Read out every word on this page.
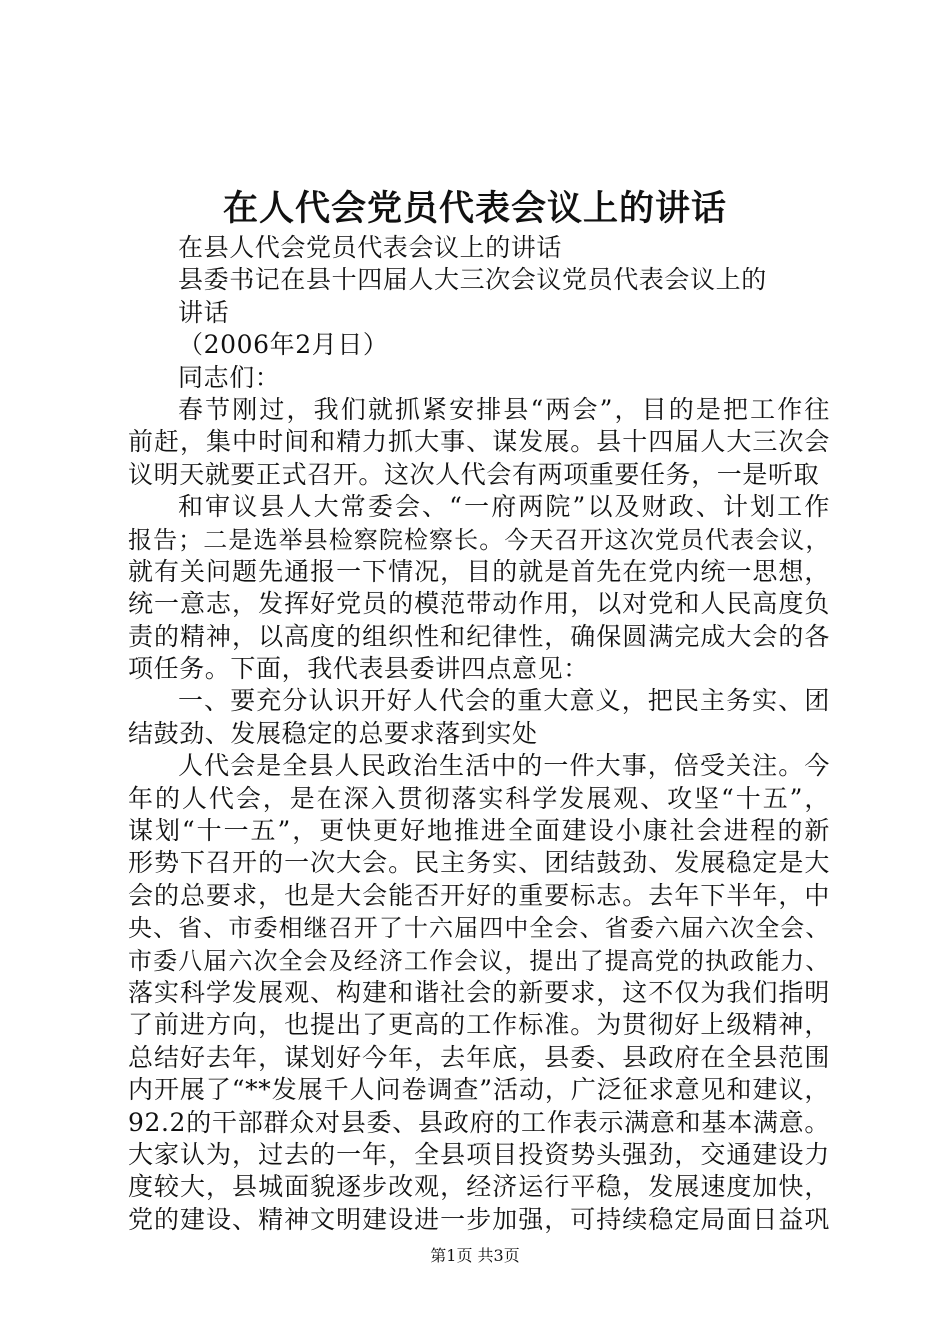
在人代会党员代表会议上的讲话
在县人代会党员代表会议上的讲话
县委书记在县十四届人大三次会议党员代表会议上的
讲话
（2006年2月日）
同志们：
春节刚过，我们就抓紧安排县“两会”，目的是把工作往
前赶，集中时间和精力抓大事、谋发展。县十四届人大三次会
议明天就要正式召开。这次人代会有两项重要任务，一是听取
和审议县人大常委会、“一府两院”以及财政、计划工作
报告；二是选举县检察院检察长。今天召开这次党员代表会议，
就有关问题先通报一下情况，目的就是首先在党内统一思想，
统一意志，发挥好党员的模范带动作用，以对党和人民高度负
责的精神，以高度的组织性和纪律性，确保圆满完成大会的各
项任务。下面，我代表县委讲四点意见：
一、要充分认识开好人代会的重大意义，把民主务实、团
结鼓劲、发展稳定的总要求落到实处
人代会是全县人民政治生活中的一件大事，倍受关注。今
年的人代会，是在深入贯彻落实科学发展观、攻坚“十五”，
谋划“十一五”，更快更好地推进全面建设小康社会进程的新
形势下召开的一次大会。民主务实、团结鼓劲、发展稳定是大
会的总要求，也是大会能否开好的重要标志。去年下半年，中
央、省、市委相继召开了十六届四中全会、省委六届六次全会、
市委八届六次全会及经济工作会议，提出了提高党的执政能力、
落实科学发展观、构建和谐社会的新要求，这不仅为我们指明
了前进方向，也提出了更高的工作标准。为贯彻好上级精神，
总结好去年，谋划好今年，去年底，县委、县政府在全县范围
内开展了“**发展千人问卷调查”活动，广泛征求意见和建议，
92.2的干部群众对县委、县政府的工作表示满意和基本满意。
大家认为，过去的一年，全县项目投资势头强劲，交通建设力
度较大，县城面貌逐步改观，经济运行平稳，发展速度加快，
党的建设、精神文明建设进一步加强，可持续稳定局面日益巩
第1页 共3页
